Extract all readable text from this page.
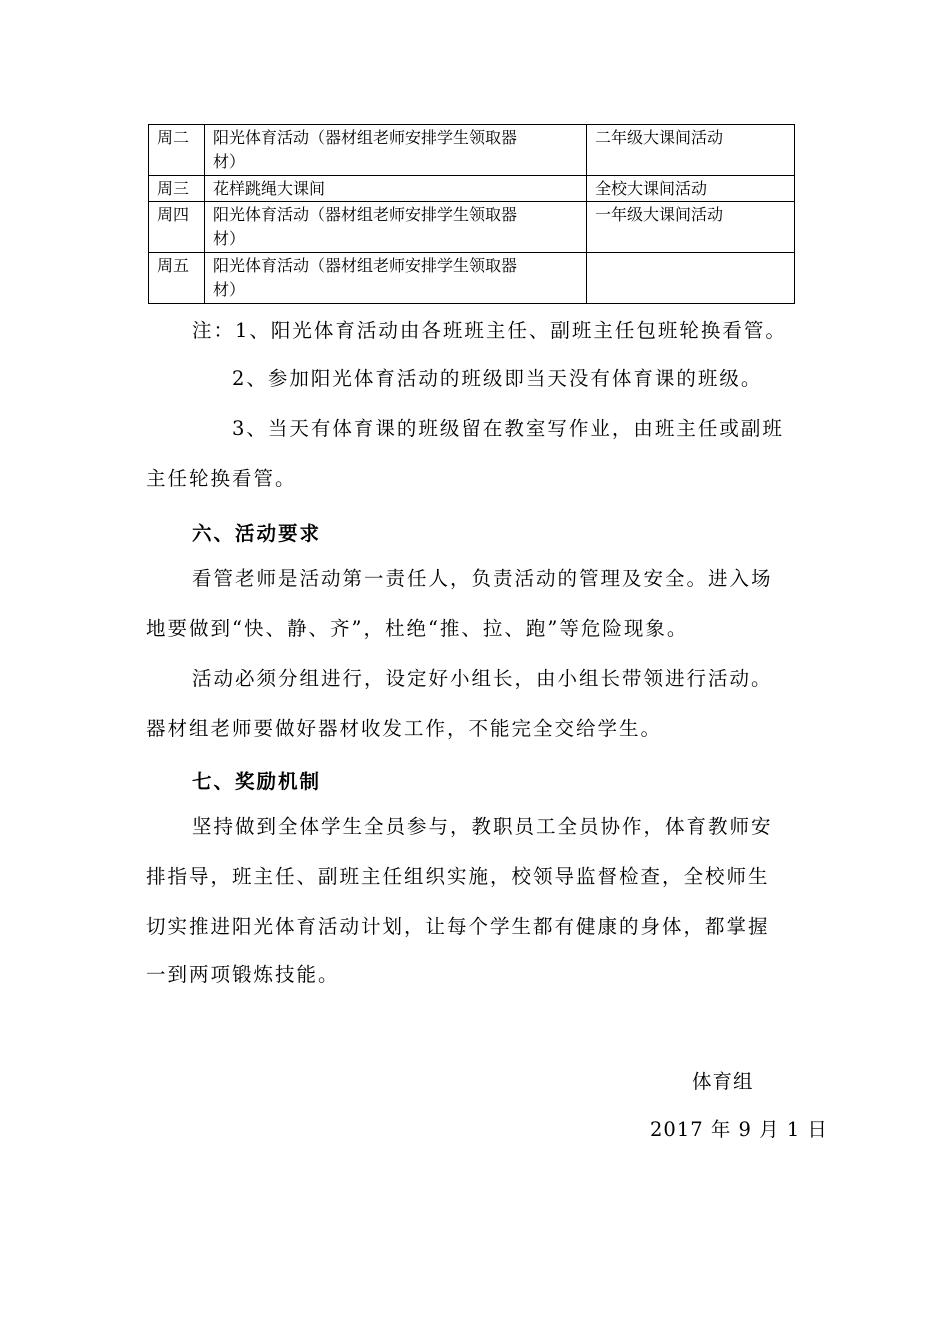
周二	阳光体育活动（器材组老师安排学生领取器
材）	二年级大课间活动
周三	花样跳绳大课间	全校大课间活动
周四	阳光体育活动（器材组老师安排学生领取器
材）	一年级大课间活动
周五	阳光体育活动（器材组老师安排学生领取器
材）	
注：1、阳光体育活动由各班班主任、副班主任包班轮换看管。
2、参加阳光体育活动的班级即当天没有体育课的班级。
3、当天有体育课的班级留在教室写作业，由班主任或副班
主任轮换看管。
六、活动要求
看管老师是活动第一责任人，负责活动的管理及安全。进入场
地要做到“快、静、齐”，杜绝“推、拉、跑”等危险现象。
活动必须分组进行，设定好小组长，由小组长带领进行活动。
器材组老师要做好器材收发工作，不能完全交给学生。
七、奖励机制
坚持做到全体学生全员参与，教职员工全员协作，体育教师安
排指导，班主任、副班主任组织实施，校领导监督检查，全校师生
切实推进阳光体育活动计划，让每个学生都有健康的身体，都掌握
一到两项锻炼技能。
体育组
2017 年 9 月 1 日
